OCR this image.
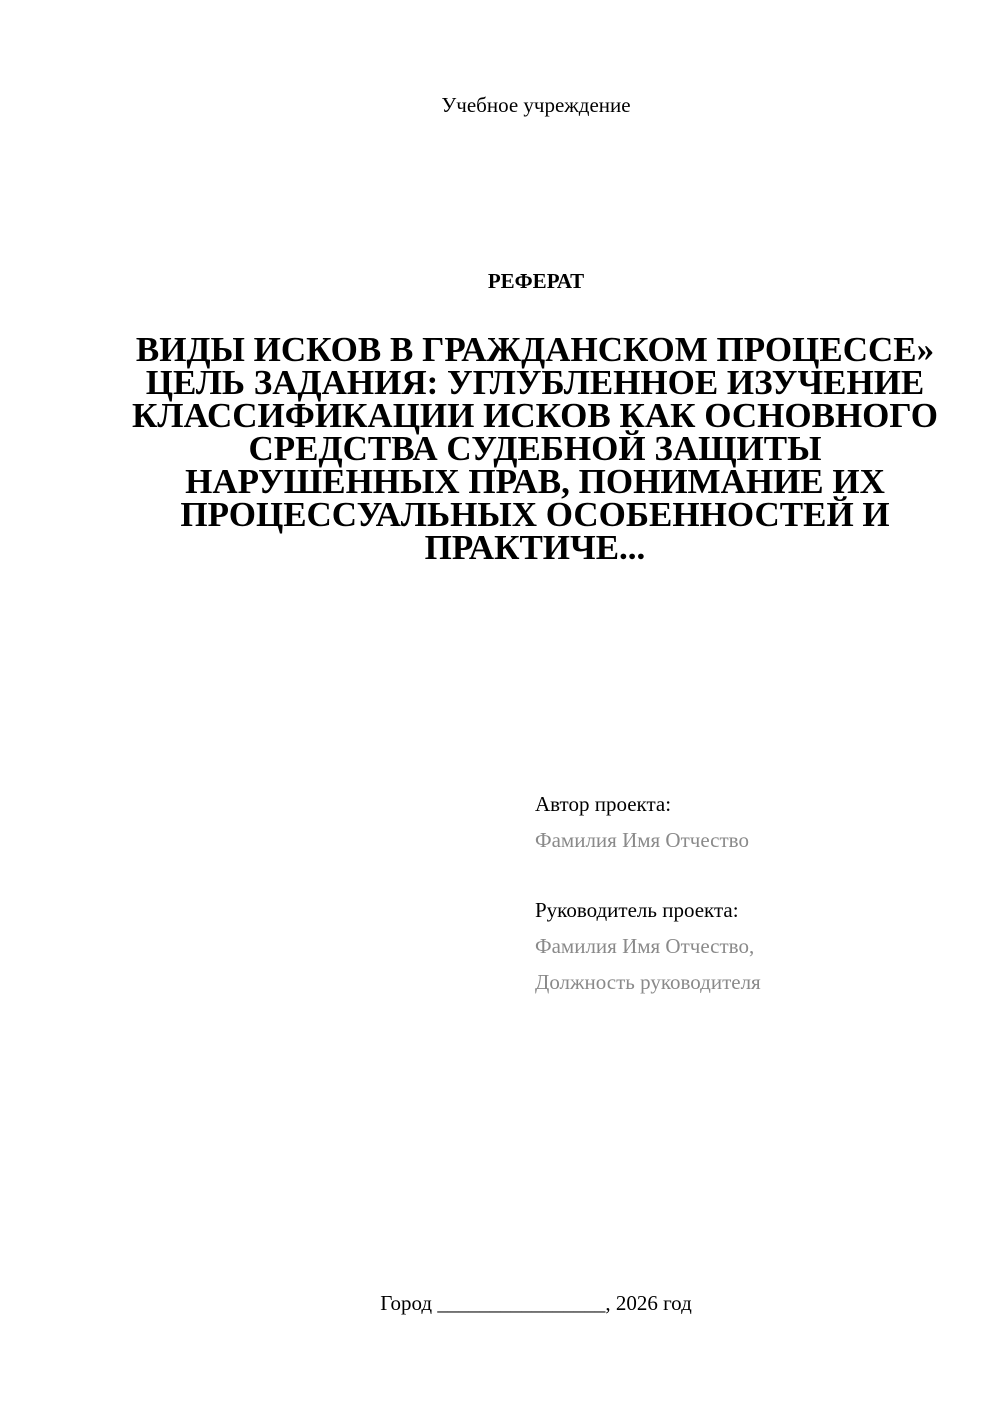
Учебное учреждение
РЕФЕРАТ
ВИДЫ ИСКОВ В ГРАЖДАНСКОМ ПРОЦЕССЕ» ЦЕЛЬ ЗАДАНИЯ: УГЛУБЛЕННОЕ ИЗУЧЕНИЕ КЛАССИФИКАЦИИ ИСКОВ КАК ОСНОВНОГО СРЕДСТВА СУДЕБНОЙ ЗАЩИТЫ НАРУШЕННЫХ ПРАВ, ПОНИМАНИЕ ИХ ПРОЦЕССУАЛЬНЫХ ОСОБЕННОСТЕЙ И ПРАКТИЧЕ...
Автор проекта:
Фамилия Имя Отчество
Руководитель проекта:
Фамилия Имя Отчество,
Должность руководителя
Город ________________, 2026 год
